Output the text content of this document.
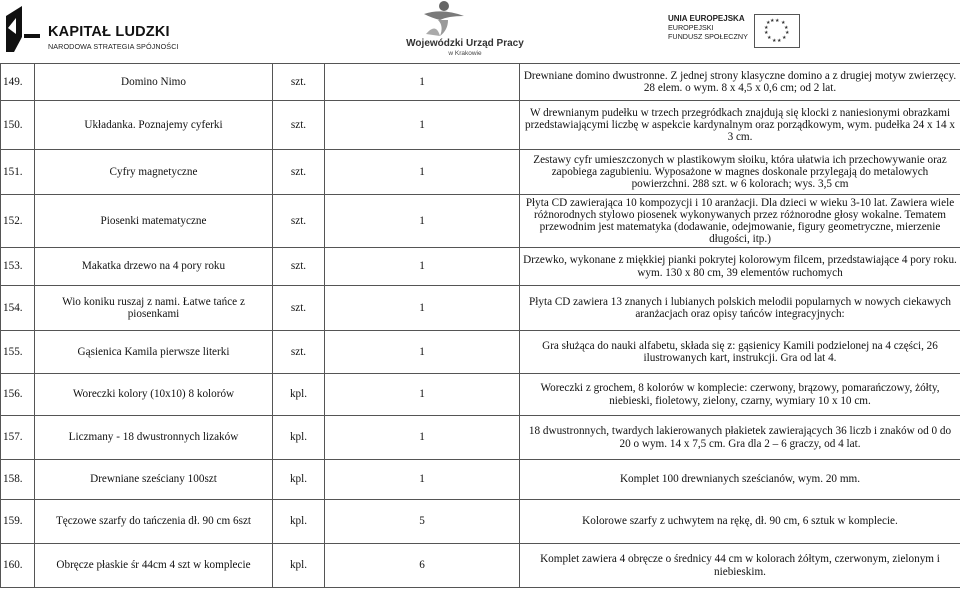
KAPITAŁ LUDZKI
NARODOWA STRATEGIA SPÓJNOŚCI	Wojewódzki Urząd Pracy
w Krakowie
UNIA EUROPEJSKA
EUROPEJSKI
FUNDUSZ SPOŁECZNY
★ ★
★
★
★
★
★
★
★
★
★ ★
149.	Domino Nimo	szt.	1	Drewniane domino dwustronne. Z jednej strony klasyczne domino a z drugiej motyw zwierzęcy. 28 elem. o wym. 8 x 4,5 x 0,6 cm; od 2 lat.
150.	Układanka. Poznajemy cyferki	szt.	1	W drewnianym pudełku w trzech przegródkach znajdują się klocki z naniesionymi obrazkami przedstawiającymi liczbę w aspekcie kardynalnym oraz porządkowym, wym. pudełka 24 x 14 x 3 cm.
151.	Cyfry magnetyczne	szt.	1	Zestawy cyfr umieszczonych w plastikowym słoiku, która ułatwia ich przechowywanie oraz zapobiega zagubieniu. Wyposażone w magnes doskonale przylegają do metalowych powierzchni. 288 szt. w 6 kolorach; wys. 3,5 cm
152.	Piosenki matematyczne	szt.	1	Płyta CD zawierająca 10 kompozycji i 10 aranżacji. Dla dzieci w wieku 3-10 lat. Zawiera wiele różnorodnych stylowo piosenek wykonywanych przez różnorodne głosy wokalne. Tematem przewodnim jest matematyka (dodawanie, odejmowanie, figury geometryczne, mierzenie długości, itp.)
153.	Makatka drzewo na 4 pory roku	szt.	1	Drzewko, wykonane z miękkiej pianki pokrytej kolorowym filcem, przedstawiające 4 pory roku. wym. 130 x 80 cm, 39 elementów ruchomych
154.	Wio koniku ruszaj z nami. Łatwe tańce z piosenkami	szt.	1	Płyta CD zawiera 13 znanych i lubianych polskich melodii popularnych w nowych ciekawych aranżacjach oraz opisy tańców integracyjnych:
155.	Gąsienica Kamila pierwsze literki	szt.	1	Gra służąca do nauki alfabetu, składa się z: gąsienicy Kamili podzielonej na 4 części, 26 ilustrowanych kart, instrukcji. Gra od lat 4.
156.	Woreczki kolory (10x10) 8 kolorów	kpl.	1	Woreczki z grochem, 8 kolorów w komplecie: czerwony, brązowy, pomarańczowy, żółty, niebieski, fioletowy, zielony, czarny, wymiary 10 x 10 cm.
157.	Liczmany - 18 dwustronnych lizaków	kpl.	1	18 dwustronnych, twardych lakierowanych płakietek zawierających 36 liczb i znaków od 0 do 20 o wym. 14 x 7,5 cm. Gra dla 2 – 6 graczy, od 4 lat.
158.	Drewniane sześciany 100szt	kpl.	1	Komplet 100 drewnianych sześcianów, wym. 20 mm.
159.	Tęczowe szarfy do tańczenia dł. 90 cm 6szt	kpl.	5	Kolorowe szarfy z uchwytem na rękę, dł. 90 cm, 6 sztuk w komplecie.
160.	Obręcze płaskie śr 44cm 4 szt w komplecie	kpl.	6	Komplet zawiera 4 obręcze o średnicy 44 cm w kolorach żółtym, czerwonym, zielonym i niebieskim.
